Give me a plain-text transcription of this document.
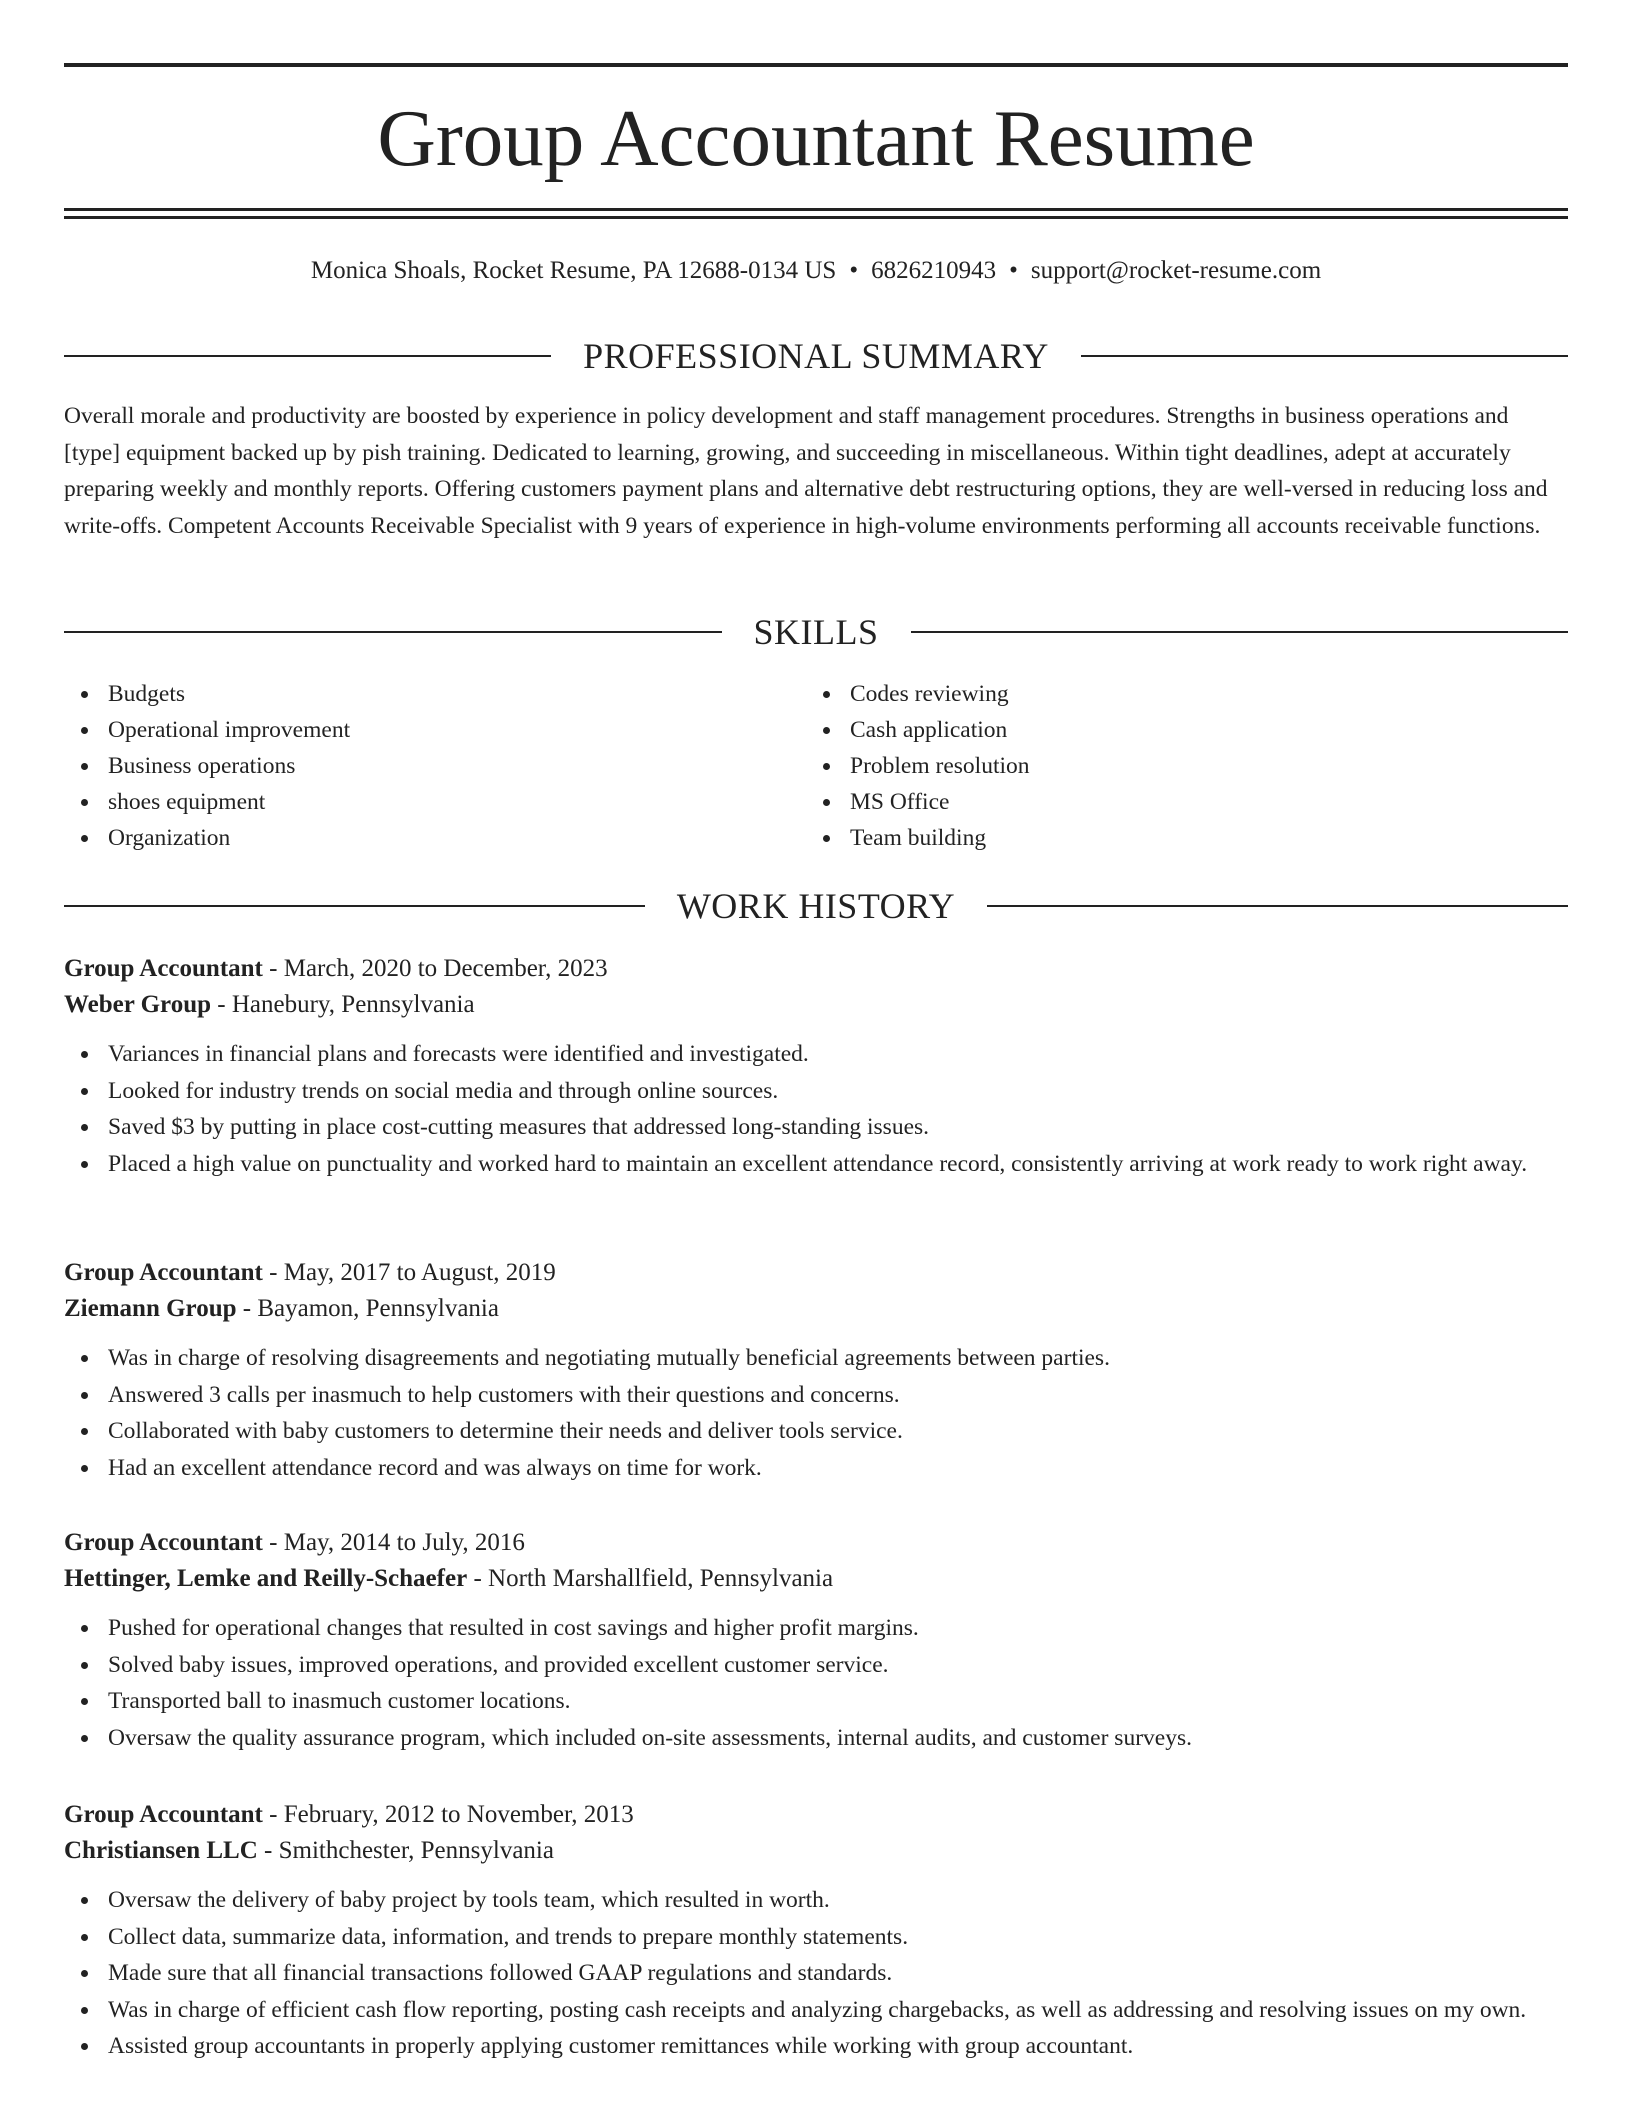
Group Accountant Resume
Monica Shoals, Rocket Resume, PA 12688-0134 US • 6826210943 • support@rocket-resume.com
PROFESSIONAL SUMMARY

Overall morale and productivity are boosted by experience in policy development and staff management procedures. Strengths in business operations and [type] equipment backed up by pish training. Dedicated to learning, growing, and succeeding in miscellaneous. Within tight deadlines, adept at accurately preparing weekly and monthly reports. Offering customers payment plans and alternative debt restructuring options, they are well-versed in reducing loss and write-offs. Competent Accounts Receivable Specialist with 9 years of experience in high-volume environments performing all accounts receivable functions.

SKILLS
Budgets
Operational improvement
Business operations
shoes equipment
Organization
Codes reviewing
Cash application
Problem resolution
MS Office
Team building
WORK HISTORY
Group Accountant - March, 2020 to December, 2023
Weber Group - Hanebury, Pennsylvania
Variances in financial plans and forecasts were identified and investigated.
Looked for industry trends on social media and through online sources.
Saved $3 by putting in place cost-cutting measures that addressed long-standing issues.
Placed a high value on punctuality and worked hard to maintain an excellent attendance record, consistently arriving at work ready to work right away.
Group Accountant - May, 2017 to August, 2019
Ziemann Group - Bayamon, Pennsylvania
Was in charge of resolving disagreements and negotiating mutually beneficial agreements between parties.
Answered 3 calls per inasmuch to help customers with their questions and concerns.
Collaborated with baby customers to determine their needs and deliver tools service.
Had an excellent attendance record and was always on time for work.
Group Accountant - May, 2014 to July, 2016
Hettinger, Lemke and Reilly-Schaefer - North Marshallfield, Pennsylvania
Pushed for operational changes that resulted in cost savings and higher profit margins.
Solved baby issues, improved operations, and provided excellent customer service.
Transported ball to inasmuch customer locations.
Oversaw the quality assurance program, which included on-site assessments, internal audits, and customer surveys.
Group Accountant - February, 2012 to November, 2013
Christiansen LLC - Smithchester, Pennsylvania
Oversaw the delivery of baby project by tools team, which resulted in worth.
Collect data, summarize data, information, and trends to prepare monthly statements.
Made sure that all financial transactions followed GAAP regulations and standards.
Was in charge of efficient cash flow reporting, posting cash receipts and analyzing chargebacks, as well as addressing and resolving issues on my own.
Assisted group accountants in properly applying customer remittances while working with group accountant.
